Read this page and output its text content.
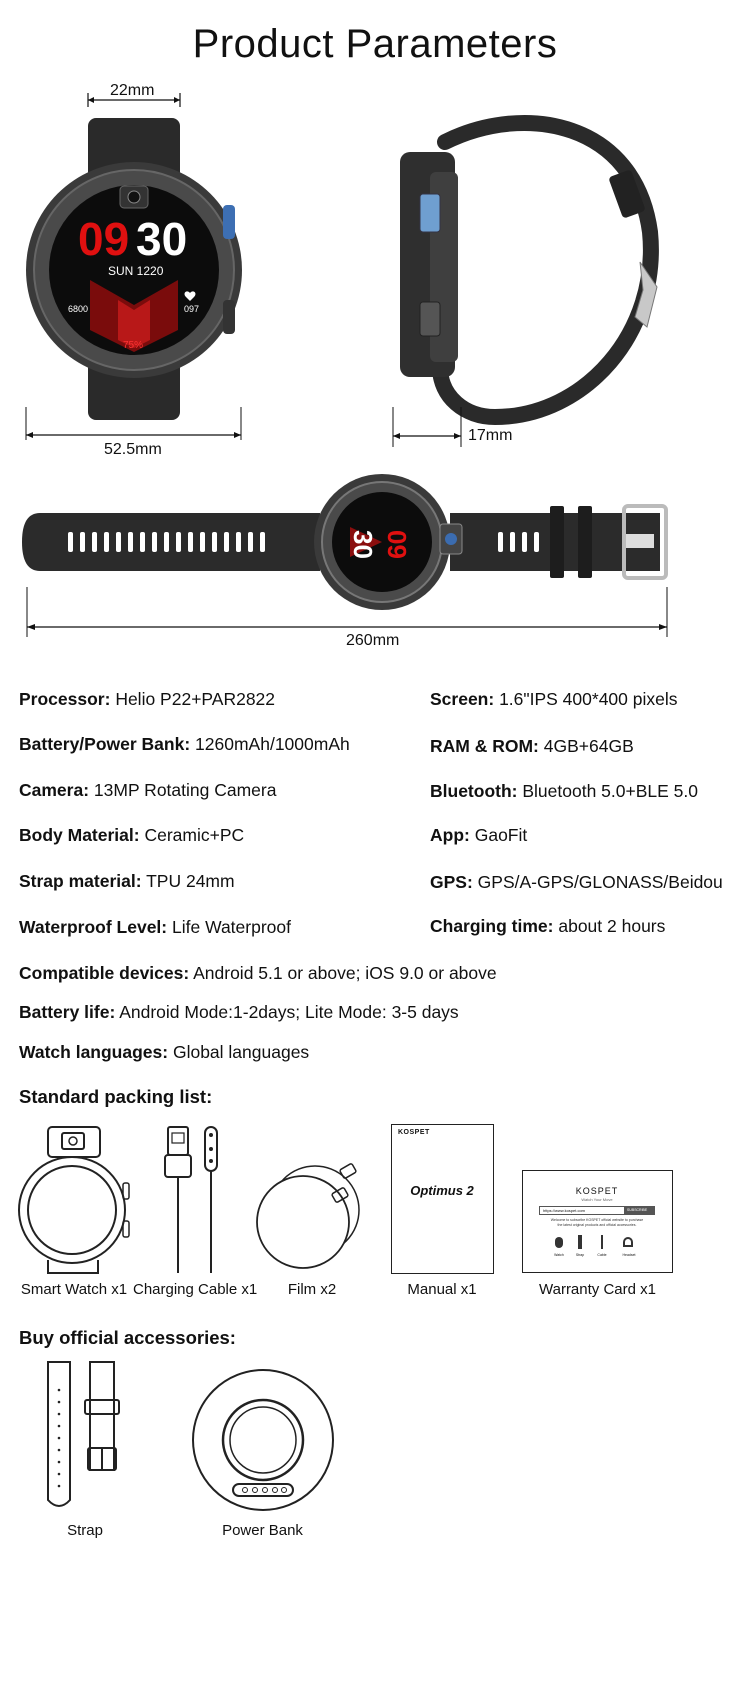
Product Parameters
22mm
09 30
SUN 1220
6800	097
75%
52.5mm
17mm
09
30
260mm
Processor: Helio P22+PAR2822	Screen: 1.6"IPS 400*400 pixels
Battery/Power Bank: 1260mAh/1000mAh	RAM & ROM: 4GB+64GB
Camera: 13MP Rotating Camera	Bluetooth: Bluetooth 5.0+BLE 5.0
Body Material: Ceramic+PC	App: GaoFit
Strap material: TPU 24mm	GPS: GPS/A-GPS/GLONASS/Beidou
Waterproof Level: Life Waterproof	Charging time: about 2 hours
Compatible devices: Android 5.1 or above; iOS 9.0 or above
Battery life: Android Mode:1-2days; Lite Mode: 3-5 days
Watch languages: Global languages
Standard packing list:
Smart Watch x1 Charging Cable x1	Film x2
KOSPET
Optimus 2
Manual x1
KOSPET
Watch Your Move
https://www.kospet.com	SUBSCRIBE
Welcome to subscribe KOSPET official website to purchase
the latest original products and official accessories.
Watch	Strap	Cable	Headset
Warranty Card x1
Buy official accessories:
Strap	Power Bank
